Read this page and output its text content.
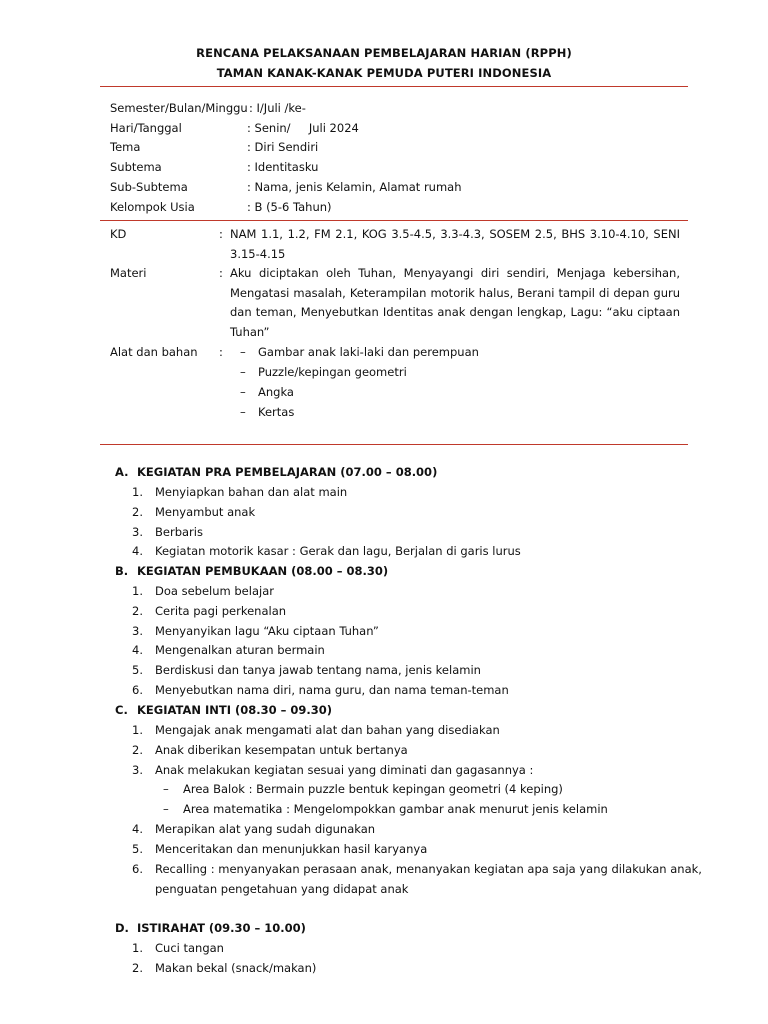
RENCANA PELAKSANAAN PEMBELAJARAN HARIAN (RPPH)
TAMAN KANAK-KANAK PEMUDA PUTERI INDONESIA
Semester/Bulan/Minggu : I/Juli /ke-
Hari/Tanggal	: Senin/     Juli 2024
Tema	: Diri Sendiri
Subtema	: Identitasku
Sub-Subtema	: Nama, jenis Kelamin, Alamat rumah
Kelompok Usia	: B (5-6 Tahun)
KD	: NAM 1.1, 1.2, FM 2.1, KOG 3.5-4.5, 3.3-4.3, SOSEM 2.5, BHS 3.10-4.10, SENI
3.15-4.15
Materi	: Aku diciptakan oleh Tuhan, Menyayangi diri sendiri, Menjaga kebersihan,
Mengatasi masalah, Keterampilan motorik halus, Berani tampil di depan guru
dan teman, Menyebutkan Identitas anak dengan lengkap, Lagu: “aku ciptaan
Tuhan”
Alat dan bahan : – Gambar anak laki-laki dan perempuan
– Puzzle/kepingan geometri
– Angka
– Kertas
A. KEGIATAN PRA PEMBELAJARAN (07.00 – 08.00)
1. Menyiapkan bahan dan alat main
2. Menyambut anak
3. Berbaris
4. Kegiatan motorik kasar : Gerak dan lagu, Berjalan di garis lurus
B. KEGIATAN PEMBUKAAN (08.00 – 08.30)
1. Doa sebelum belajar
2. Cerita pagi perkenalan
3. Menyanyikan lagu “Aku ciptaan Tuhan”
4. Mengenalkan aturan bermain
5. Berdiskusi dan tanya jawab tentang nama, jenis kelamin
6. Menyebutkan nama diri, nama guru, dan nama teman-teman
C. KEGIATAN INTI (08.30 – 09.30)
1. Mengajak anak mengamati alat dan bahan yang disediakan
2. Anak diberikan kesempatan untuk bertanya
3. Anak melakukan kegiatan sesuai yang diminati dan gagasannya :
– Area Balok : Bermain puzzle bentuk kepingan geometri (4 keping)
– Area matematika : Mengelompokkan gambar anak menurut jenis kelamin
4. Merapikan alat yang sudah digunakan
5. Menceritakan dan menunjukkan hasil karyanya
6. Recalling : menyanyakan perasaan anak, menanyakan kegiatan apa saja yang dilakukan anak,
penguatan pengetahuan yang didapat anak
D. ISTIRAHAT (09.30 – 10.00)
1. Cuci tangan
2. Makan bekal (snack/makan)
